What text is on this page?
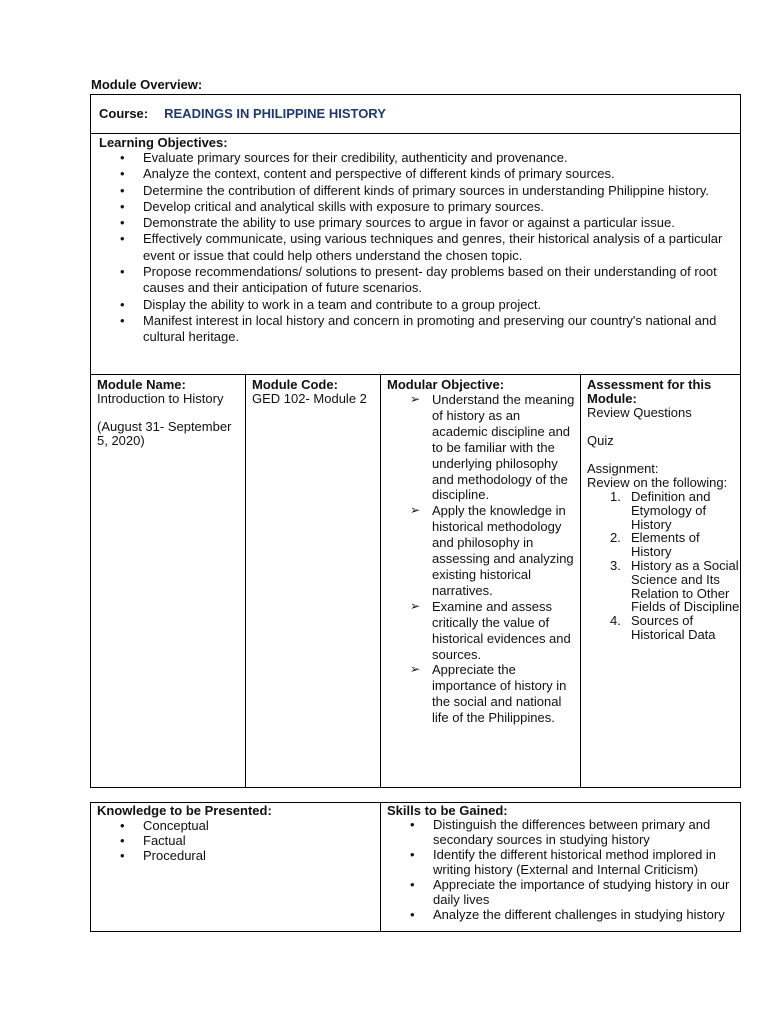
Module Overview:
Course: READINGS IN PHILIPPINE HISTORY
Learning Objectives:
• Evaluate primary sources for their credibility, authenticity and provenance.
• Analyze the context, content and perspective of different kinds of primary sources.
• Determine the contribution of different kinds of primary sources in understanding Philippine history.
• Develop critical and analytical skills with exposure to primary sources.
• Demonstrate the ability to use primary sources to argue in favor or against a particular issue.
• Effectively communicate, using various techniques and genres, their historical analysis of a particular event or issue that could help others understand the chosen topic.
• Propose recommendations/ solutions to present- day problems based on their understanding of root causes and their anticipation of future scenarios.
• Display the ability to work in a team and contribute to a group project.
• Manifest interest in local history and concern in promoting and preserving our country's national and cultural heritage.
Module Name:
Introduction to History
(August 31- September 5, 2020)
Module Code:
GED 102- Module 2
Modular Objective:
➢ Understand the meaning of history as an academic discipline and to be familiar with the underlying philosophy and methodology of the discipline.
➢ Apply the knowledge in historical methodology and philosophy in assessing and analyzing existing historical narratives.
➢ Examine and assess critically the value of historical evidences and sources.
➢ Appreciate the importance of history in the social and national life of the Philippines.
Assessment for this Module:
Review Questions
Quiz
Assignment:
Review on the following:
1. Definition and Etymology of History
2. Elements of History
3. History as a Social Science and Its Relation to Other Fields of Discipline
4. Sources of Historical Data
Knowledge to be Presented:
• Conceptual
• Factual
• Procedural
Skills to be Gained:
• Distinguish the differences between primary and secondary sources in studying history
• Identify the different historical method implored in writing history (External and Internal Criticism)
• Appreciate the importance of studying history in our daily lives
• Analyze the different challenges in studying history
